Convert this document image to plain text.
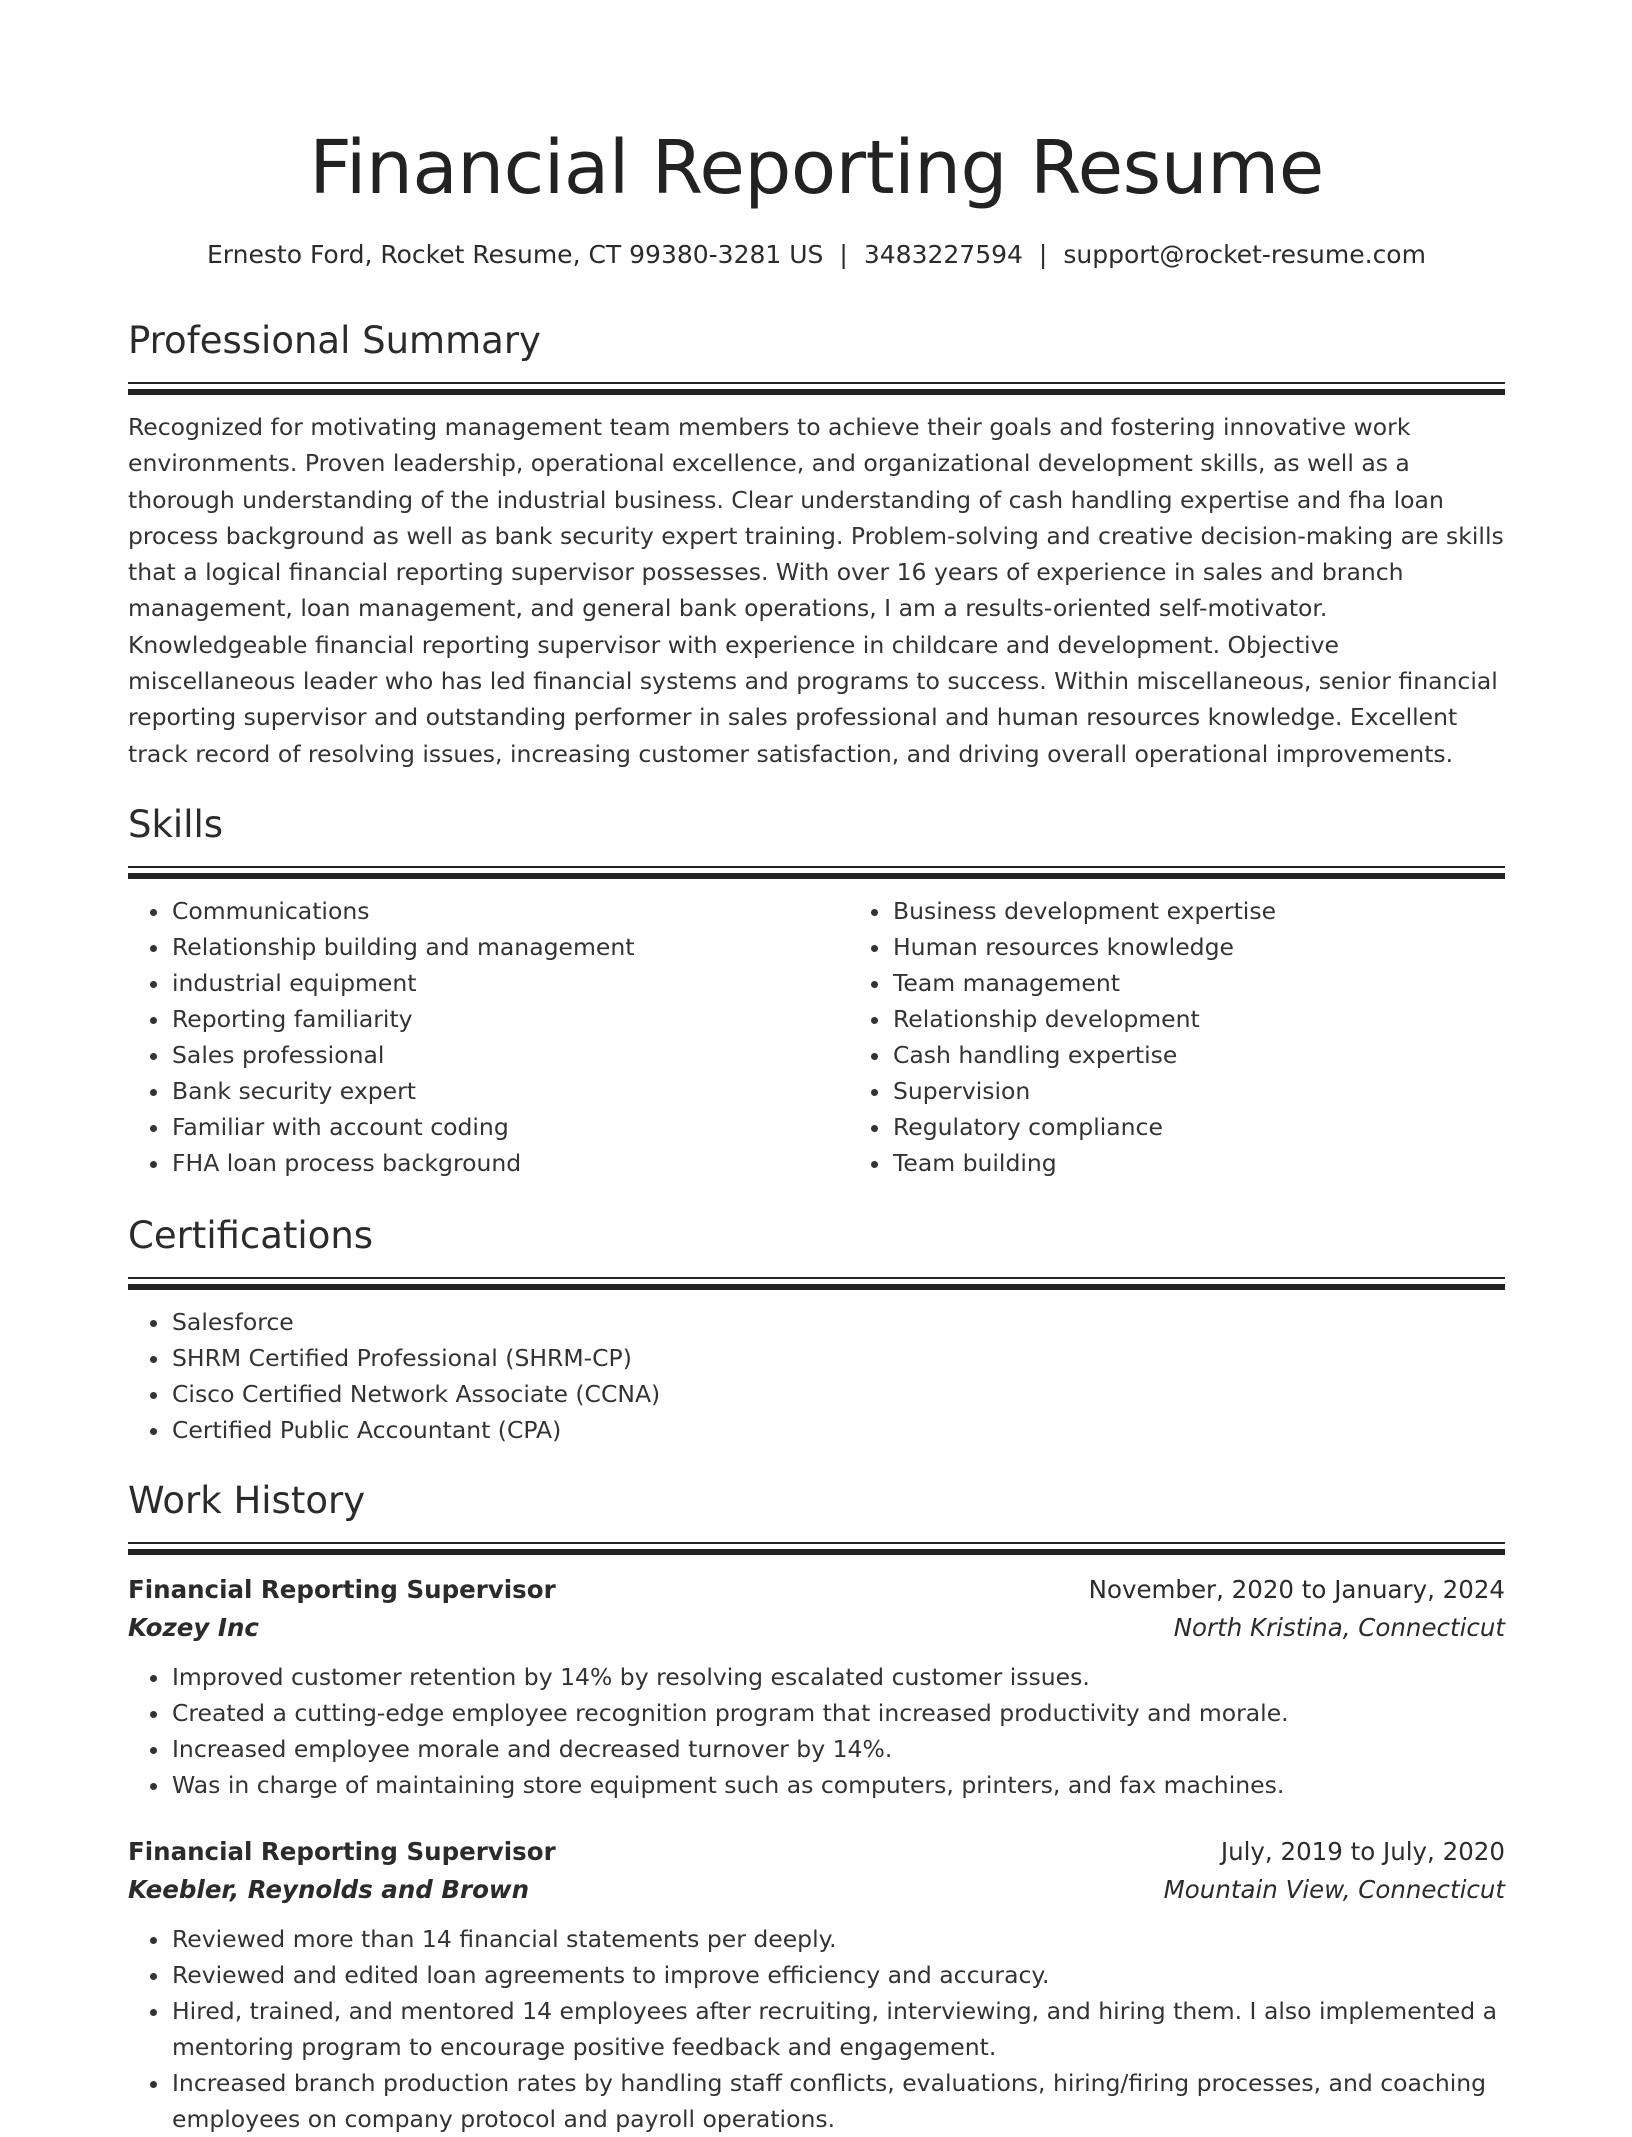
Financial Reporting Resume
Ernesto Ford, Rocket Resume, CT 99380-3281 US | 3483227594 | support@rocket-resume.com
Professional Summary

Recognized for motivating management team members to achieve their goals and fostering innovative work environments. Proven leadership, operational excellence, and organizational development skills, as well as a thorough understanding of the industrial business. Clear understanding of cash handling expertise and fha loan process background as well as bank security expert training. Problem-solving and creative decision-making are skills that a logical financial reporting supervisor possesses. With over 16 years of experience in sales and branch management, loan management, and general bank operations, I am a results-oriented self-motivator. Knowledgeable financial reporting supervisor with experience in childcare and development. Objective miscellaneous leader who has led financial systems and programs to success. Within miscellaneous, senior financial reporting supervisor and outstanding performer in sales professional and human resources knowledge. Excellent track record of resolving issues, increasing customer satisfaction, and driving overall operational improvements.

Skills
• Communications
• Relationship building and management
• industrial equipment
• Reporting familiarity
• Sales professional
• Bank security expert
• Familiar with account coding
• FHA loan process background
• Business development expertise
• Human resources knowledge
• Team management
• Relationship development
• Cash handling expertise
• Supervision
• Regulatory compliance
• Team building
Certifications
• Salesforce
• SHRM Certified Professional (SHRM-CP)
• Cisco Certified Network Associate (CCNA)
• Certified Public Accountant (CPA)
Work History
Financial Reporting Supervisor	November, 2020 to January, 2024
Kozey Inc	North Kristina, Connecticut
• Improved customer retention by 14% by resolving escalated customer issues.
• Created a cutting-edge employee recognition program that increased productivity and morale.
• Increased employee morale and decreased turnover by 14%.
• Was in charge of maintaining store equipment such as computers, printers, and fax machines.
Financial Reporting Supervisor	July, 2019 to July, 2020
Keebler, Reynolds and Brown	Mountain View, Connecticut
• Reviewed more than 14 financial statements per deeply.
• Reviewed and edited loan agreements to improve efficiency and accuracy.
• Hired, trained, and mentored 14 employees after recruiting, interviewing, and hiring them. I also implemented a mentoring program to encourage positive feedback and engagement.
• Increased branch production rates by handling staff conflicts, evaluations, hiring/firing processes, and coaching employees on company protocol and payroll operations.
